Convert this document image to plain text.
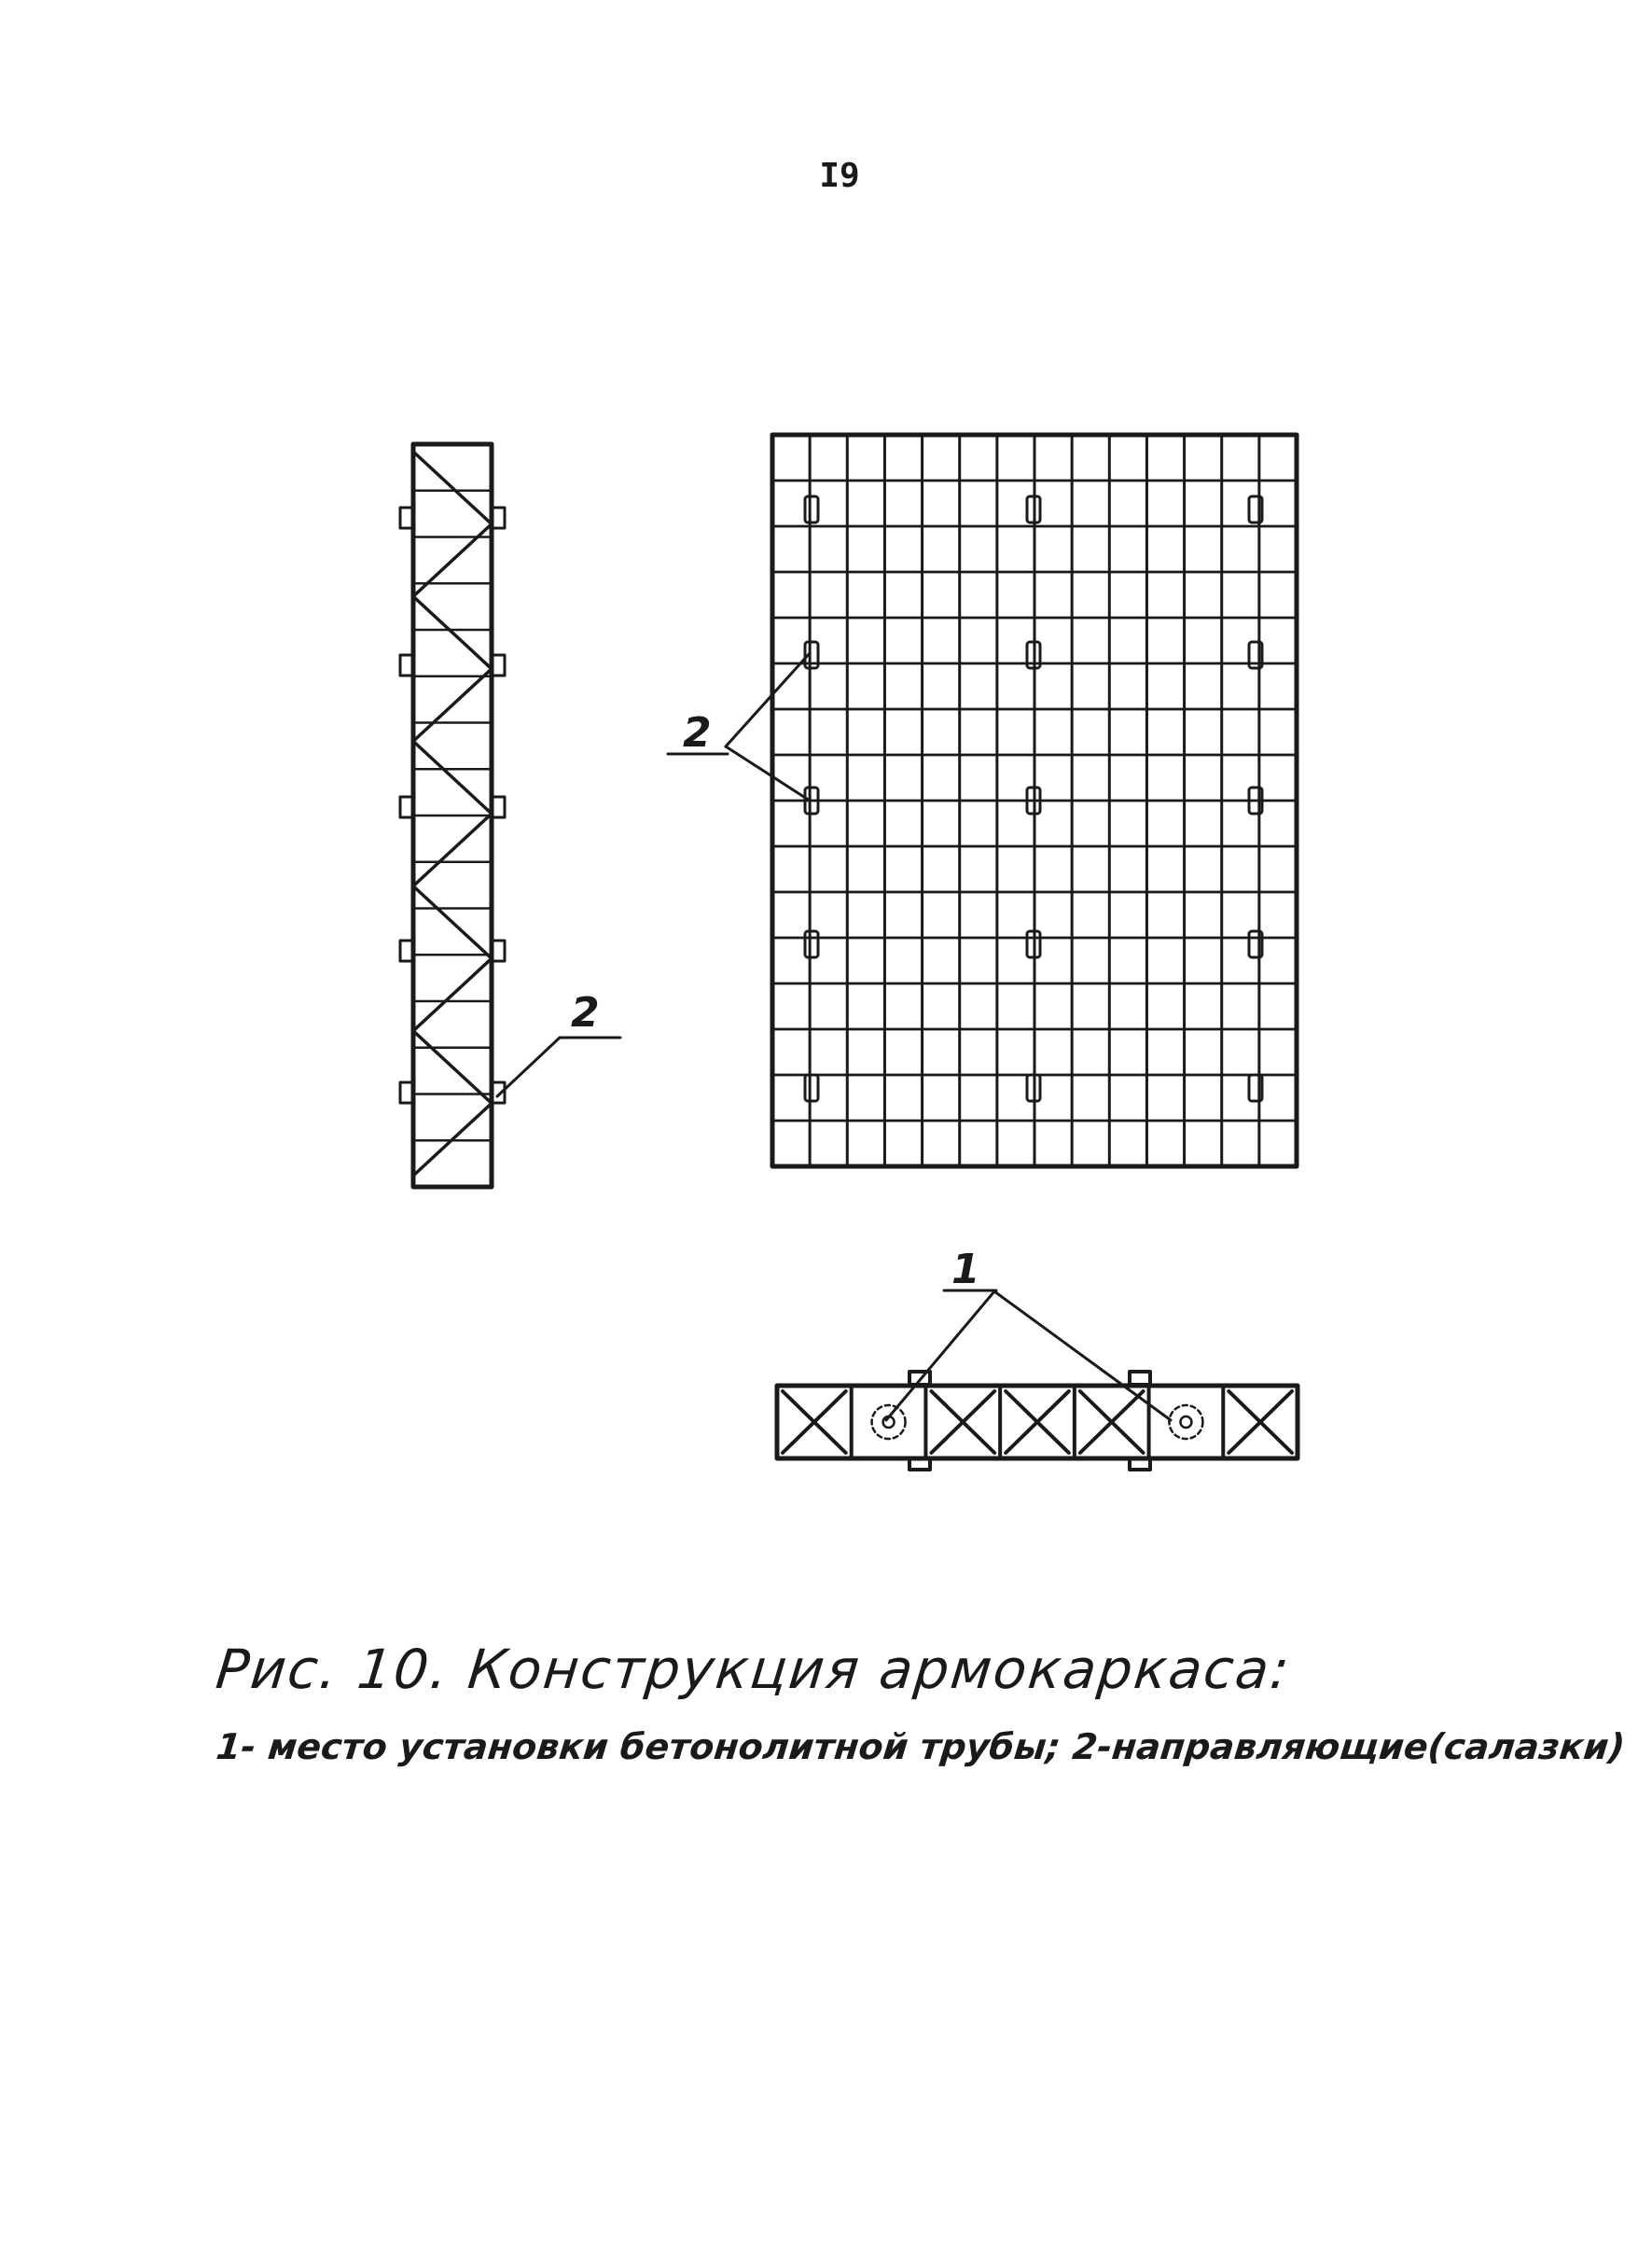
I9
2
2
1
Рис. 10. Конструкция армокаркаса:
1- место установки бетонолитной трубы; 2-направляющие(салазки)
